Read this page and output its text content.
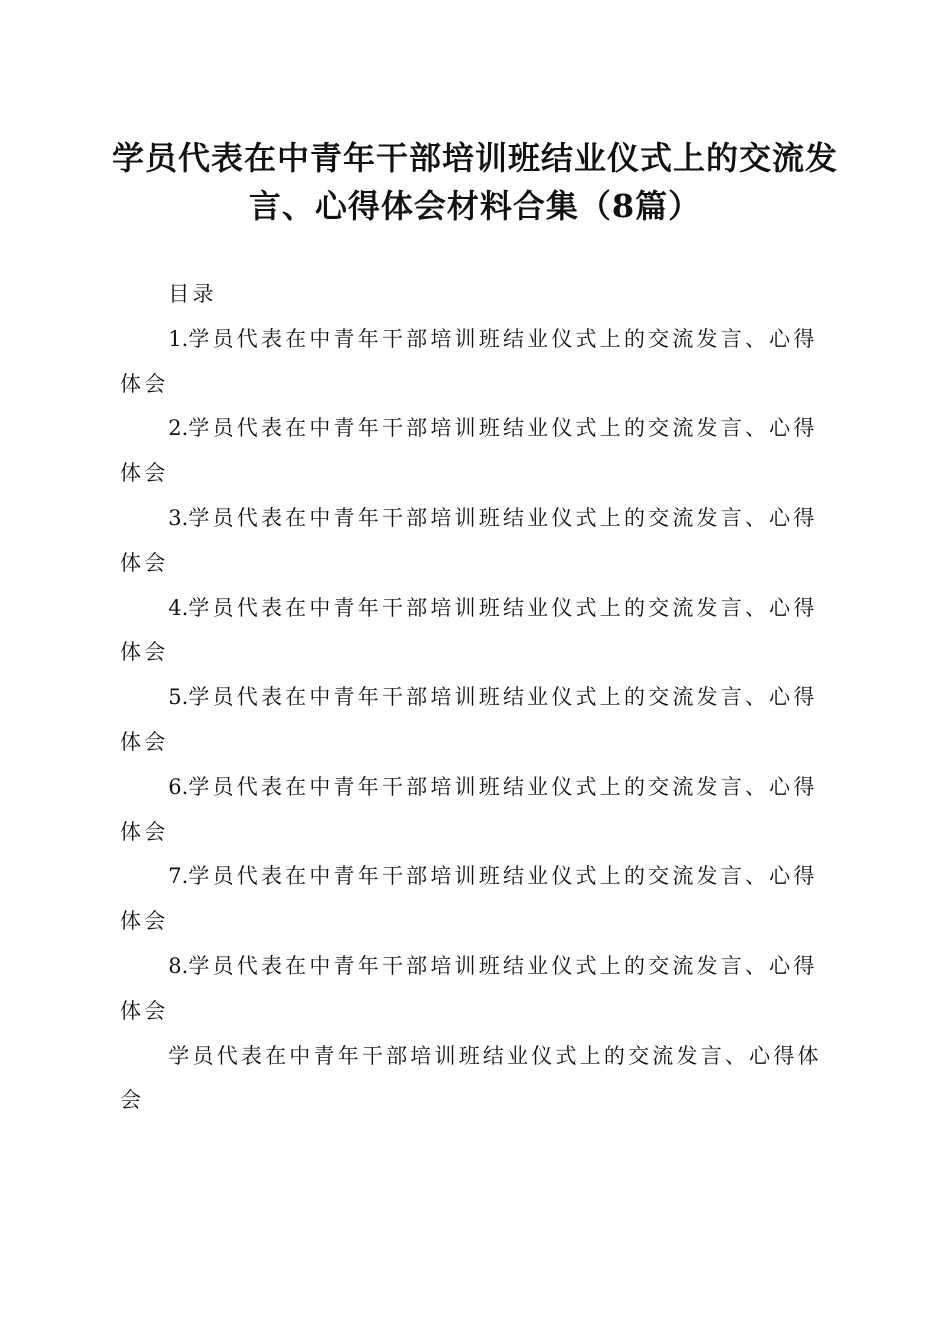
学员代表在中青年干部培训班结业仪式上的交流发言、心得体会材料合集（8篇）

目录

1.学员代表在中青年干部培训班结业仪式上的交流发言、心得体会
2.学员代表在中青年干部培训班结业仪式上的交流发言、心得体会
3.学员代表在中青年干部培训班结业仪式上的交流发言、心得体会
4.学员代表在中青年干部培训班结业仪式上的交流发言、心得体会
5.学员代表在中青年干部培训班结业仪式上的交流发言、心得体会
6.学员代表在中青年干部培训班结业仪式上的交流发言、心得体会
7.学员代表在中青年干部培训班结业仪式上的交流发言、心得体会
8.学员代表在中青年干部培训班结业仪式上的交流发言、心得体会

学员代表在中青年干部培训班结业仪式上的交流发言、心得体会
